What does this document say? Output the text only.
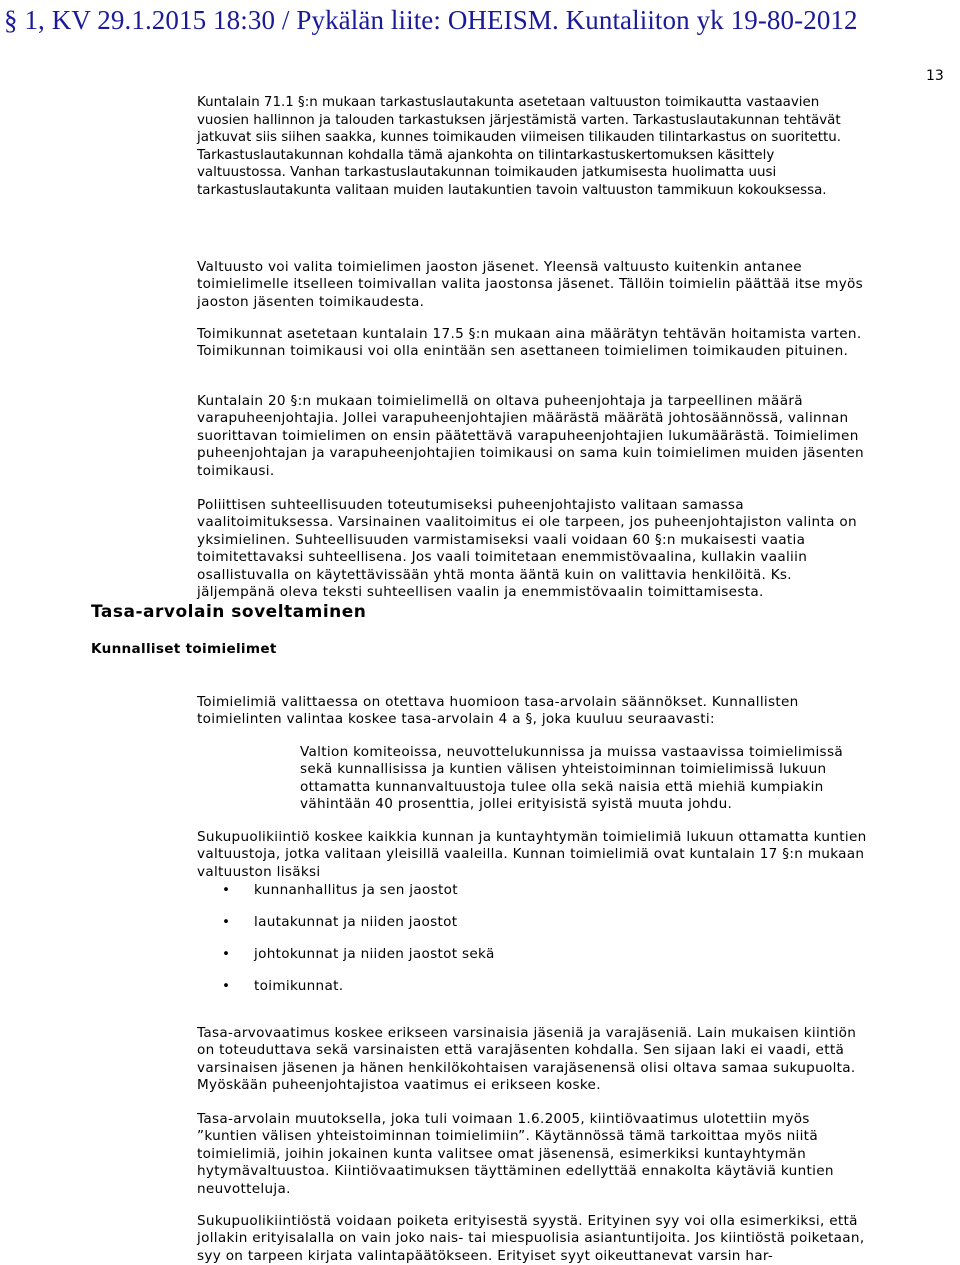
§ 1, KV 29.1.2015 18:30 / Pykälän liite: OHEISM. Kuntaliiton yk 19-80-2012
13

Kuntalain 71.1 §:n mukaan tarkastuslautakunta asetetaan valtuuston toimikautta vastaavien vuosien hallinnon ja talouden tarkastuksen järjestämistä varten. Tarkastuslautakunnan tehtävät jatkuvat siis siihen saakka, kunnes toimikauden viimeisen tilikauden tilintarkastus on suoritettu. Tarkastuslautakunnan kohdalla tämä ajankohta on tilintarkastuskertomuksen käsittely valtuustossa. Vanhan tarkastuslautakunnan toimikauden jatkumisesta huolimatta uusi tarkastuslautakunta valitaan muiden lautakuntien tavoin valtuuston tammikuun kokouksessa.

Valtuusto voi valita toimielimen jaoston jäsenet. Yleensä valtuusto kuitenkin antanee toimielimelle itselleen toimivallan valita jaostonsa jäsenet. Tällöin toimielin päättää itse myös jaoston jäsenten toimikaudesta.

Toimikunnat asetetaan kuntalain 17.5 §:n mukaan aina määrätyn tehtävän hoitamista varten. Toimikunnan toimikausi voi olla enintään sen asettaneen toimielimen toimikauden pituinen.

Kuntalain 20 §:n mukaan toimielimellä on oltava puheenjohtaja ja tarpeellinen määrä varapuheenjohtajia. Jollei varapuheenjohtajien määrästä määrätä johtosäännössä, valinnan suorittavan toimielimen on ensin päätettävä varapuheenjohtajien lukumäärästä. Toimielimen puheenjohtajan ja varapuheenjohtajien toimikausi on sama kuin toimielimen muiden jäsenten toimikausi.

Poliittisen suhteellisuuden toteutumiseksi puheenjohtajisto valitaan samassa vaalitoimituksessa. Varsinainen vaalitoimitus ei ole tarpeen, jos puheenjohtajiston valinta on yksimielinen. Suhteellisuuden varmistamiseksi vaali voidaan 60 §:n mukaisesti vaatia toimitettavaksi suhteellisena. Jos vaali toimitetaan enemmistövaalina, kullakin vaaliin osallistuvalla on käytettävissään yhtä monta ääntä kuin on valittavia henkilöitä. Ks. jäljempänä oleva teksti suhteellisen vaalin ja enemmistövaalin toimittamisesta.

Tasa-arvolain soveltaminen
Kunnalliset toimielimet

Toimielimiä valittaessa on otettava huomioon tasa-arvolain säännökset. Kunnallisten toimielinten valintaa koskee tasa-arvolain 4 a §, joka kuuluu seuraavasti:

Valtion komiteoissa, neuvottelukunnissa ja muissa vastaavissa toimielimissä sekä kunnallisissa ja kuntien välisen yhteistoiminnan toimielimissä lukuun ottamatta kunnanvaltuustoja tulee olla sekä naisia että miehiä kumpiakin vähintään 40 prosenttia, jollei erityisistä syistä muuta johdu.

Sukupuolikiintiö koskee kaikkia kunnan ja kuntayhtymän toimielimiä lukuun ottamatta kuntien valtuustoja, jotka valitaan yleisillä vaaleilla. Kunnan toimielimiä ovat kuntalain 17 §:n mukaan valtuuston lisäksi

• kunnanhallitus ja sen jaostot
• lautakunnat ja niiden jaostot
• johtokunnat ja niiden jaostot sekä
• toimikunnat.

Tasa-arvovaatimus koskee erikseen varsinaisia jäseniä ja varajäseniä. Lain mukaisen kiintiön on toteuduttava sekä varsinaisten että varajäsenten kohdalla. Sen sijaan laki ei vaadi, että varsinaisen jäsenen ja hänen henkilökohtaisen varajäsenensä olisi oltava samaa sukupuolta. Myöskään puheenjohtajistoa vaatimus ei erikseen koske.

Tasa-arvolain muutoksella, joka tuli voimaan 1.6.2005, kiintiövaatimus ulotettiin myös ”kuntien välisen yhteistoiminnan toimielimiin”. Käytännössä tämä tarkoittaa myös niitä toimielimiä, joihin jokainen kunta valitsee omat jäsenensä, esimerkiksi kuntayhtymän hytymävaltuustoa. Kiintiövaatimuksen täyttäminen edellyttää ennakolta käytäviä kuntien neuvotteluja.

Sukupuolikiintiöstä voidaan poiketa erityisestä syystä. Erityinen syy voi olla esimerkiksi, että jollakin erityisalalla on vain joko nais- tai miespuolisia asiantuntijoita. Jos kiintiöstä poiketaan, syy on tarpeen kirjata valintapäätökseen. Erityiset syyt oikeuttanevat varsin har-
